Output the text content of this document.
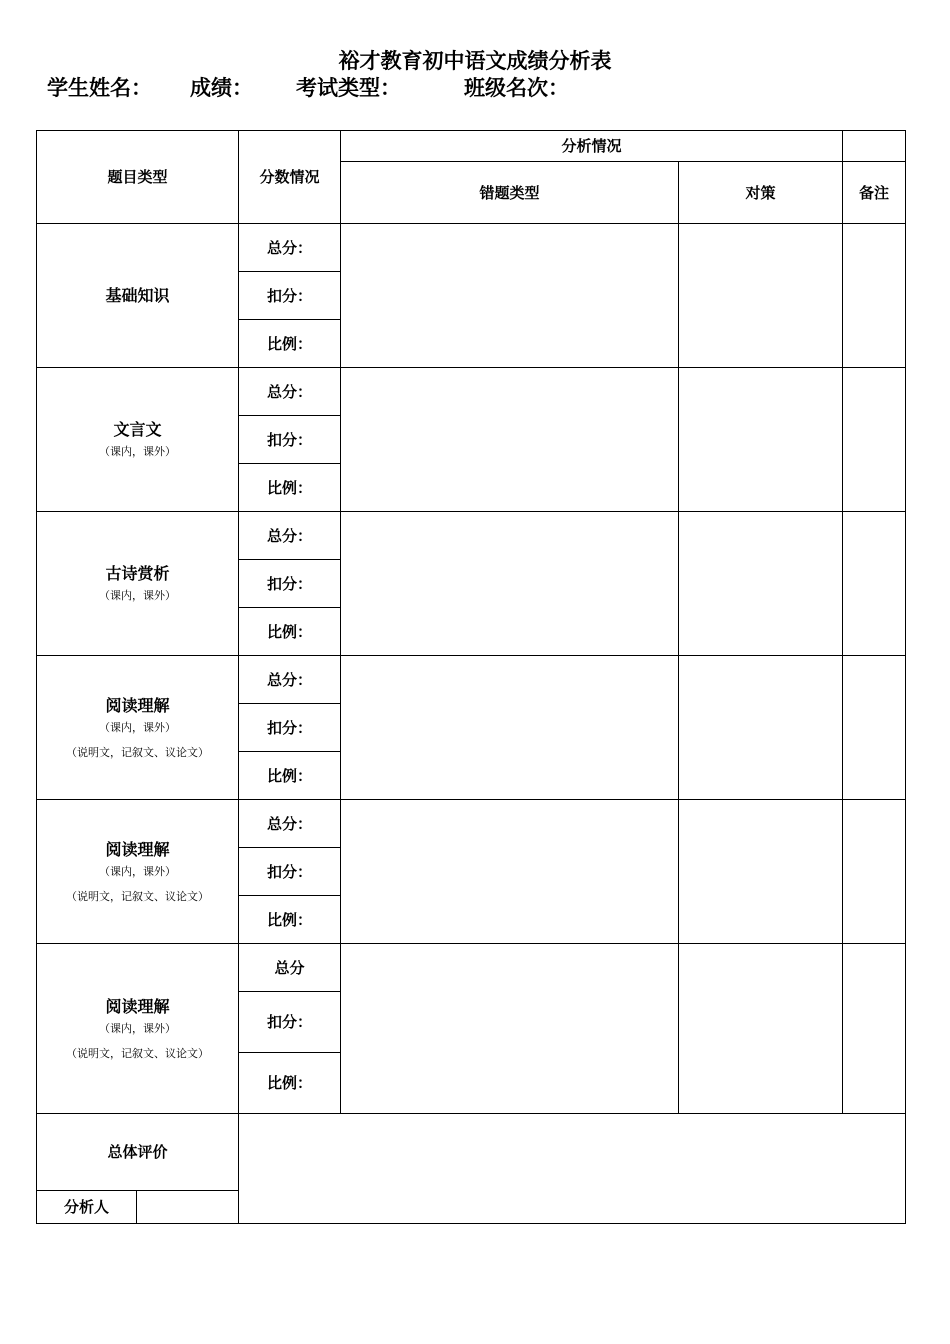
裕才教育初中语文成绩分析表
学生姓名： 成绩： 考试类型：	班级名次：
题目类型		分数情况	分析情况		
			错题类型	对策	备注

基础知识		总分：			
		扣分：			
		比例：			

文言文
（课内，课外）		总分：			
		扣分：			
		比例：			

古诗赏析
（课内，课外）		总分：			
		扣分：			
		比例：			

阅读理解
（课内，课外）
（说明文，记叙文、议论文）		总分：			
		扣分：			
		比例：			

阅读理解
（课内，课外）
（说明文，记叙文、议论文）		总分：			
		扣分：			
		比例：			

阅读理解
（课内，课外）
（说明文，记叙文、议论文）		总分			
		扣分：			
		比例：			
总体评价					
分析人					
